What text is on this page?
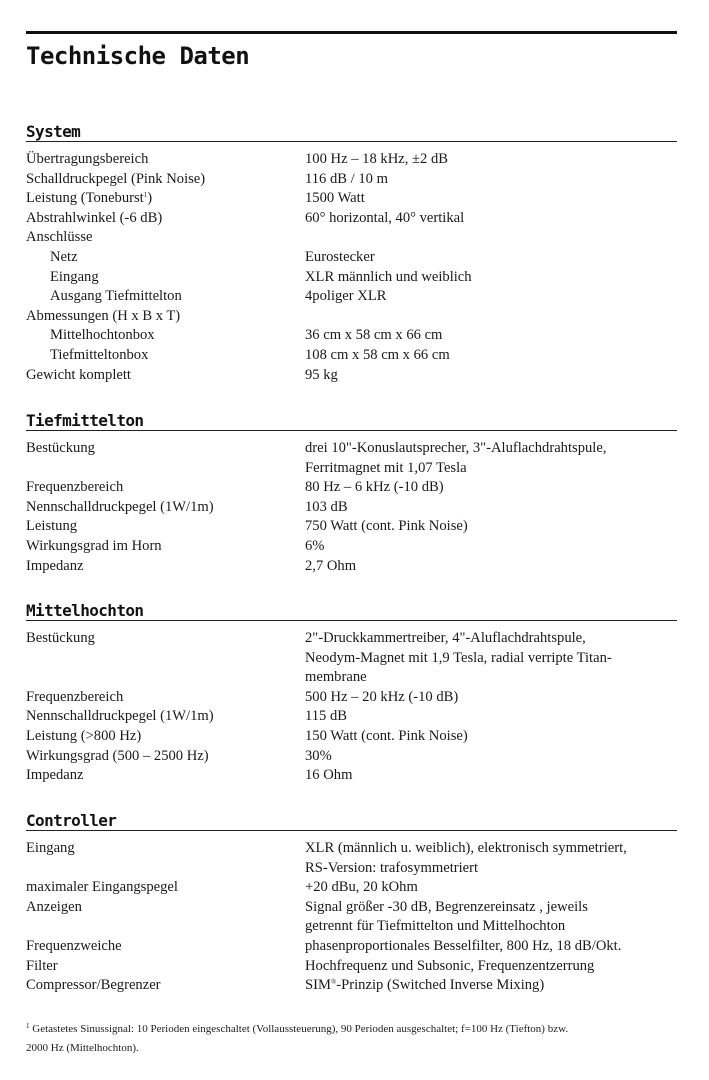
Technische Daten
System
Übertragungsbereich	100 Hz – 18 kHz, ±2 dB
Schalldruckpegel (Pink Noise)	116 dB / 10 m
Leistung (Toneburst$^1$)	1500 Watt
Abstrahlwinkel (-6 dB)	60° horizontal, 40° vertikal
Anschlüsse

Netz	Eurostecker
Eingang	XLR männlich und weiblich
Ausgang Tiefmittelton	4poliger XLR
Abmessungen (H x B x T)

Mittelhochtonbox	36 cm x 58 cm x 66 cm
Tiefmitteltonbox	108 cm x 58 cm x 66 cm
Gewicht komplett	95 kg
Tiefmittelton
Bestückung	drei 10"-Konuslautsprecher, 3"-Aluflachdrahtspule,
Ferritmagnet mit 1,07 Tesla
Frequenzbereich	80 Hz – 6 kHz (-10 dB)
Nennschalldruckpegel (1W/1m)	103 dB
Leistung	750 Watt (cont. Pink Noise)
Wirkungsgrad im Horn	6%
Impedanz	2,7 Ohm
Mittelhochton
Bestückung	2"-Druckkammertreiber, 4"-Aluflachdrahtspule,
Neodym-Magnet mit 1,9 Tesla, radial verripte Titan-
membrane
Frequenzbereich	500 Hz – 20 kHz (-10 dB)
Nennschalldruckpegel (1W/1m)	115 dB
Leistung (>800 Hz)	150 Watt (cont. Pink Noise)
Wirkungsgrad (500 – 2500 Hz)	30%
Impedanz	16 Ohm
Controller
Eingang	XLR (männlich u. weiblich), elektronisch symmetriert,
RS-Version: trafosymmetriert
maximaler Eingangspegel	+20 dBu, 20 kOhm
Anzeigen	Signal größer -30 dB, Begrenzereinsatz , jeweils
getrennt für Tiefmittelton und Mittelhochton
Frequenzweiche	phasenproportionales Besselfilter, 800 Hz, 18 dB/Okt.
Filter	Hochfrequenz und Subsonic, Frequenzentzerrung
Compressor/Begrenzer	SIM®-Prinzip (Switched Inverse Mixing)
$^1$ Getastetes Sinussignal: 10 Perioden eingeschaltet (Vollaussteuerung), 90 Perioden ausgeschaltet; f=100 Hz (Tiefton) bzw.
2000 Hz (Mittelhochton).
